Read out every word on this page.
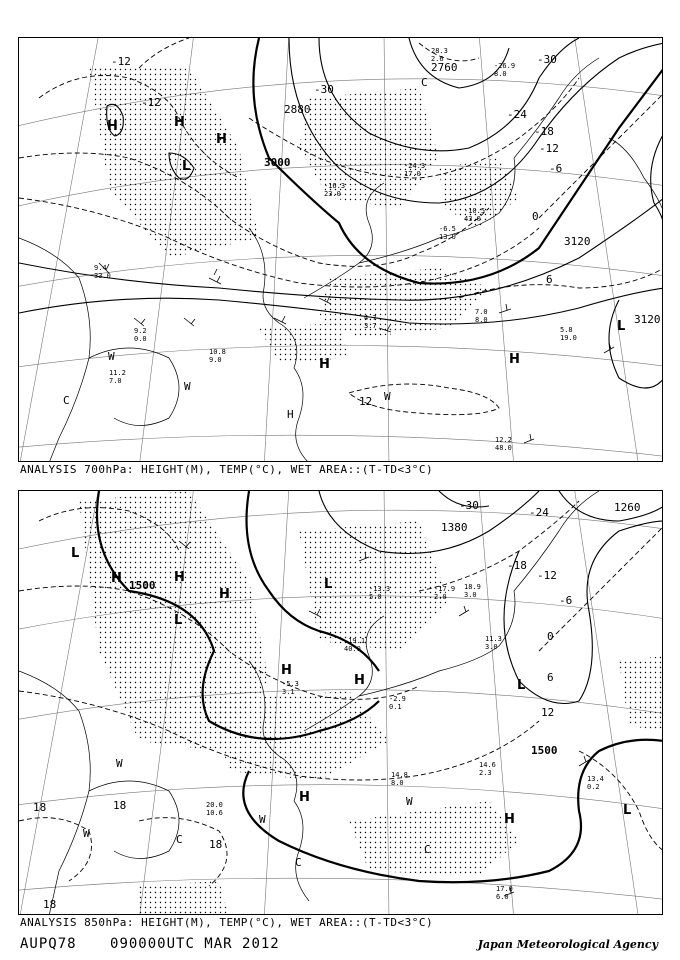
3000
3120
2880
2760
3120
-12
-12
-30
-24
-18
-12
-6
0
6
12
-30
H	H
H
L
H	H
C
W
W
W
C
L
H
9.4
33.0
9.2
0.0
11.2
7.0
10.8
9.0
5.8
19.0
12.2
48.0
7.0
8.0
4.7
3.7
-16.3
23.0
-24.3
17.0
-26.9
8.0
28.3
2.6
-10.5
43.0
-6.5
13.0
ANALYSIS 700hPa: HEIGHT(M), TEMP(°C), WET AREA::(T-TD<3°C)
1500
1500
1380
1260
-18
-12
-6
0
6
12
18	18
18
18
-24
-30
L
H	H
H
L
H
H
L
L
H
L
W
W
W
C
C
W
C
H
13.4
0.2
14.6
2.3
17.0
6.0
14.8
8.0
-19.1
40.0
-17.9
2.0
11.3
3.0
18.9
3.0
-13.3
5.0
-5.3
3.1
-2.9
0.1
20.0
10.6
ANALYSIS 850hPa: HEIGHT(M), TEMP(°C), WET AREA::(T-TD<3°C)
AUPQ78 090000UTC MAR 2012	Japan Meteorological Agency
